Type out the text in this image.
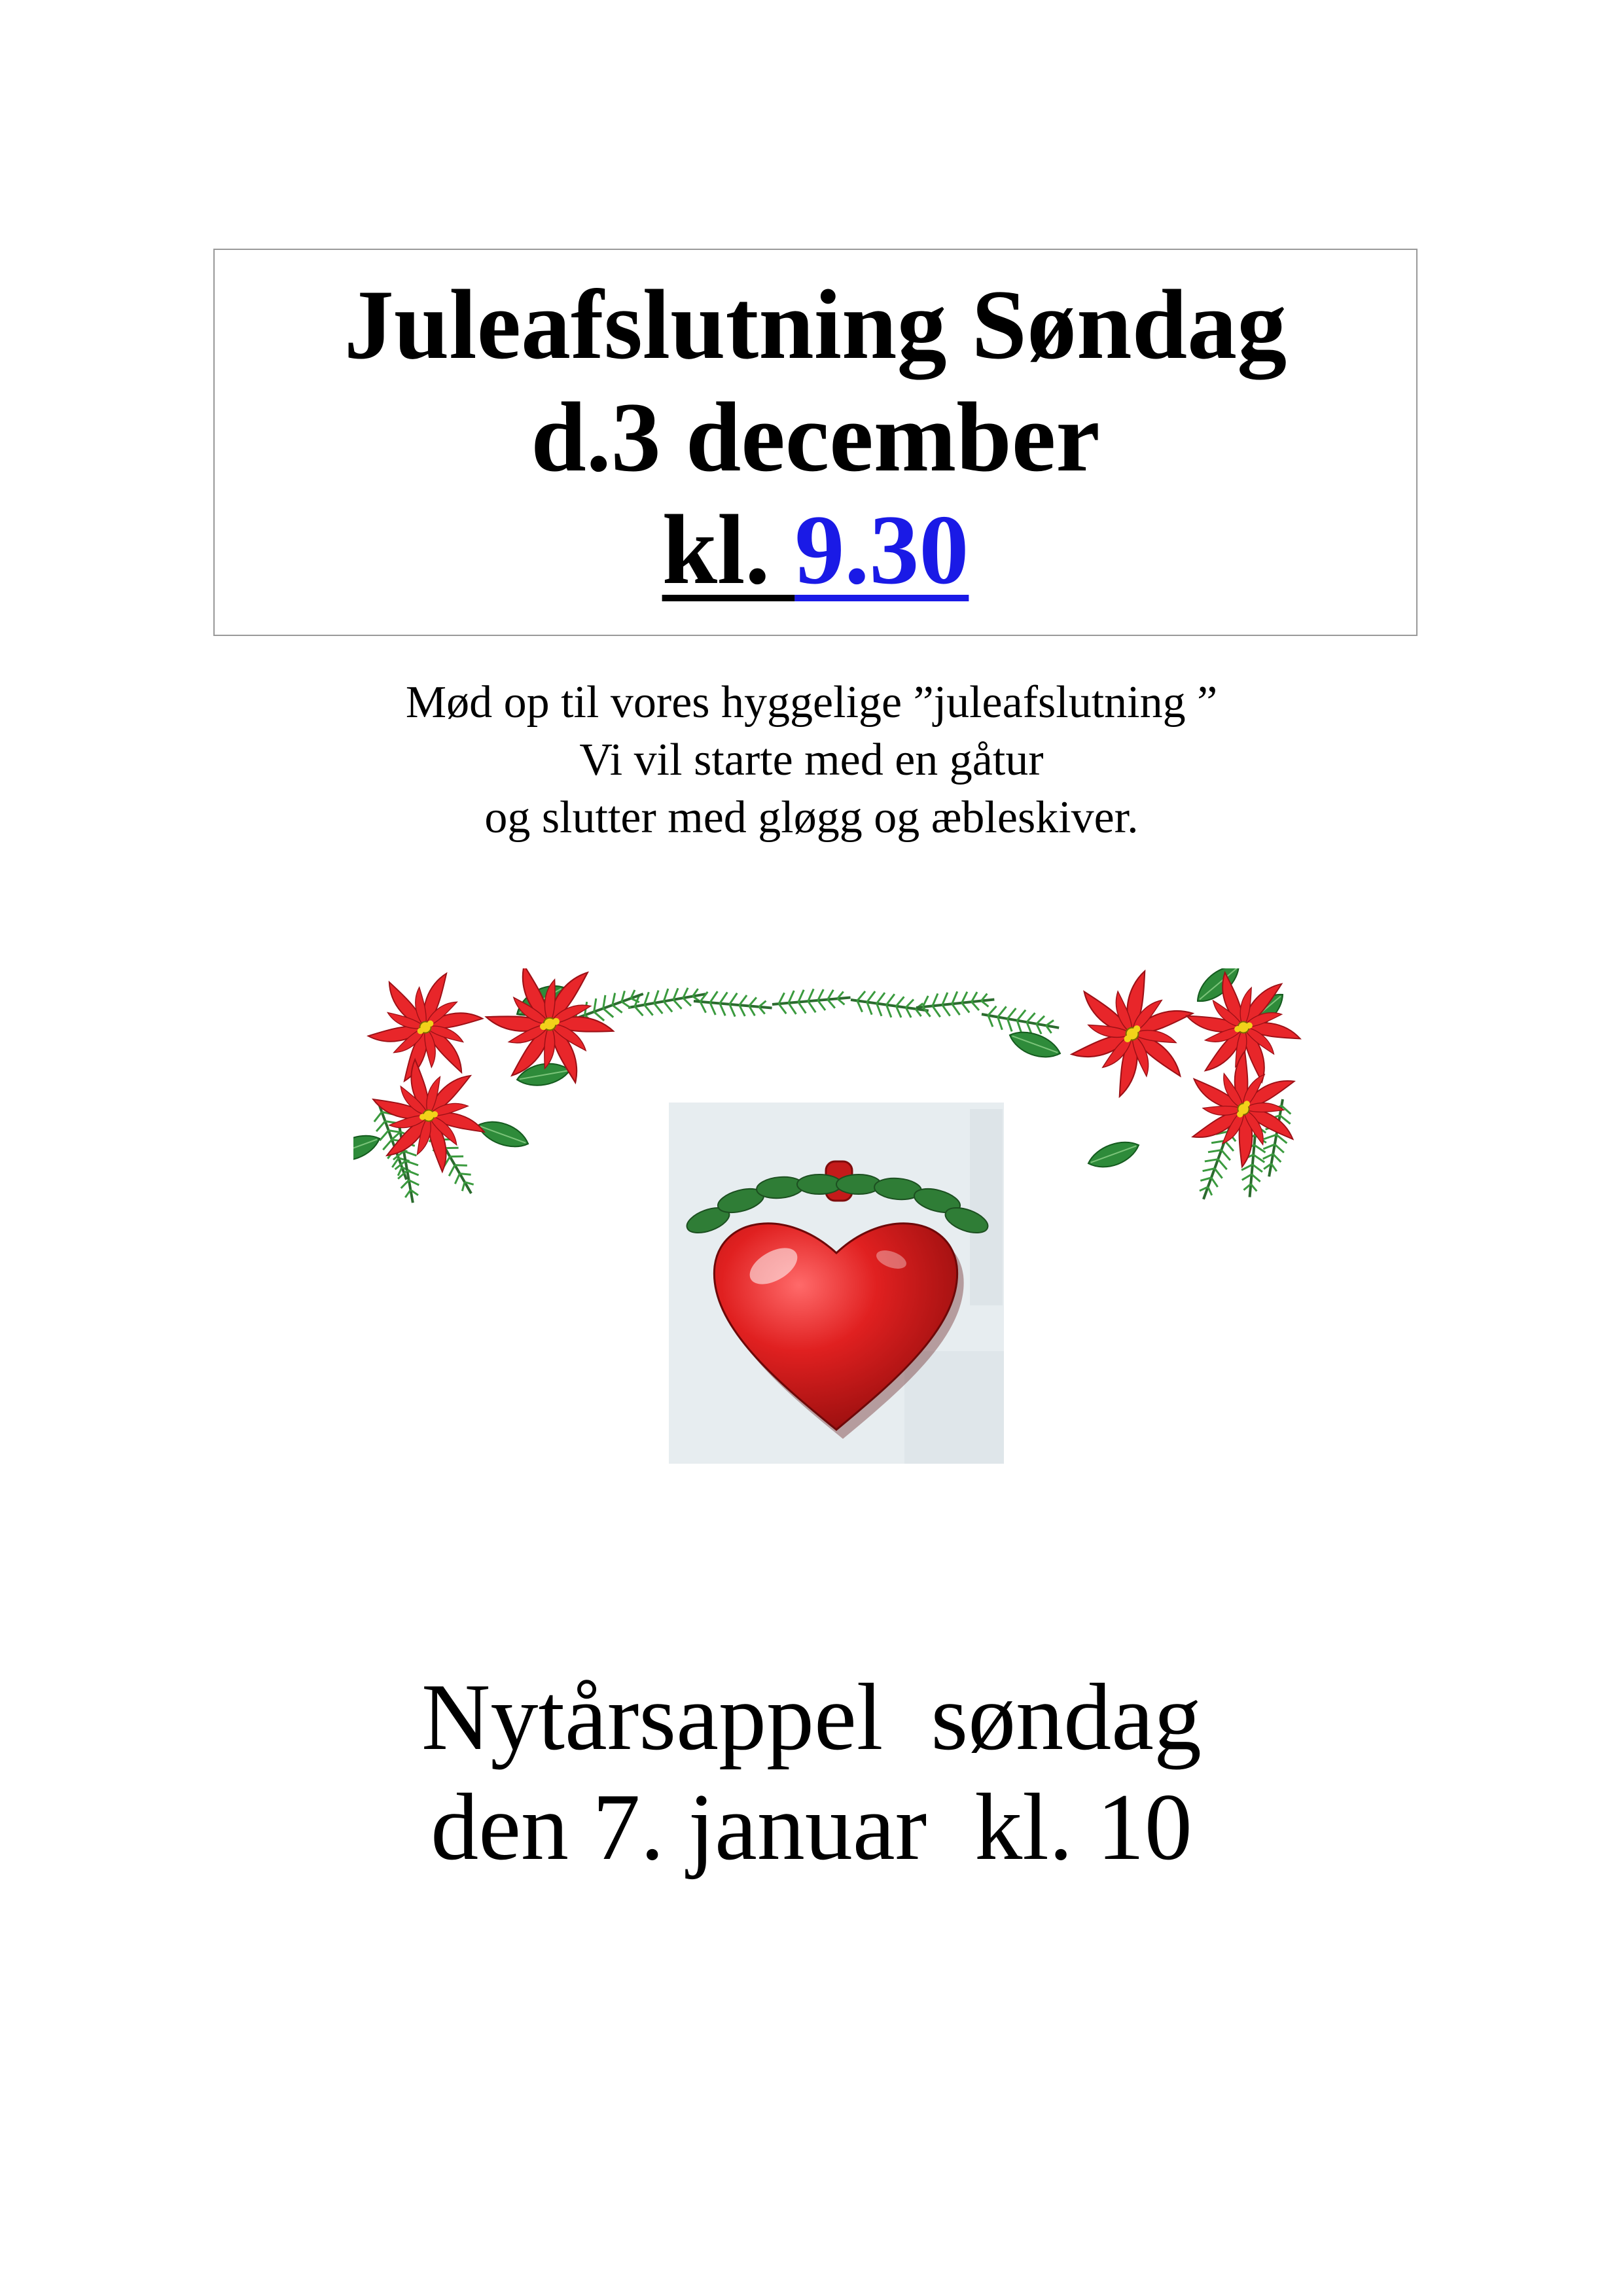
Juleafslutning Søndag
d.3 december
kl. 9.30
Mød op til vores hyggelige ”juleafslutning ”
Vi vil starte med en gåtur
og slutter med gløgg og æbleskiver.
Nytårsappel  søndag
den 7. januar  kl. 10
